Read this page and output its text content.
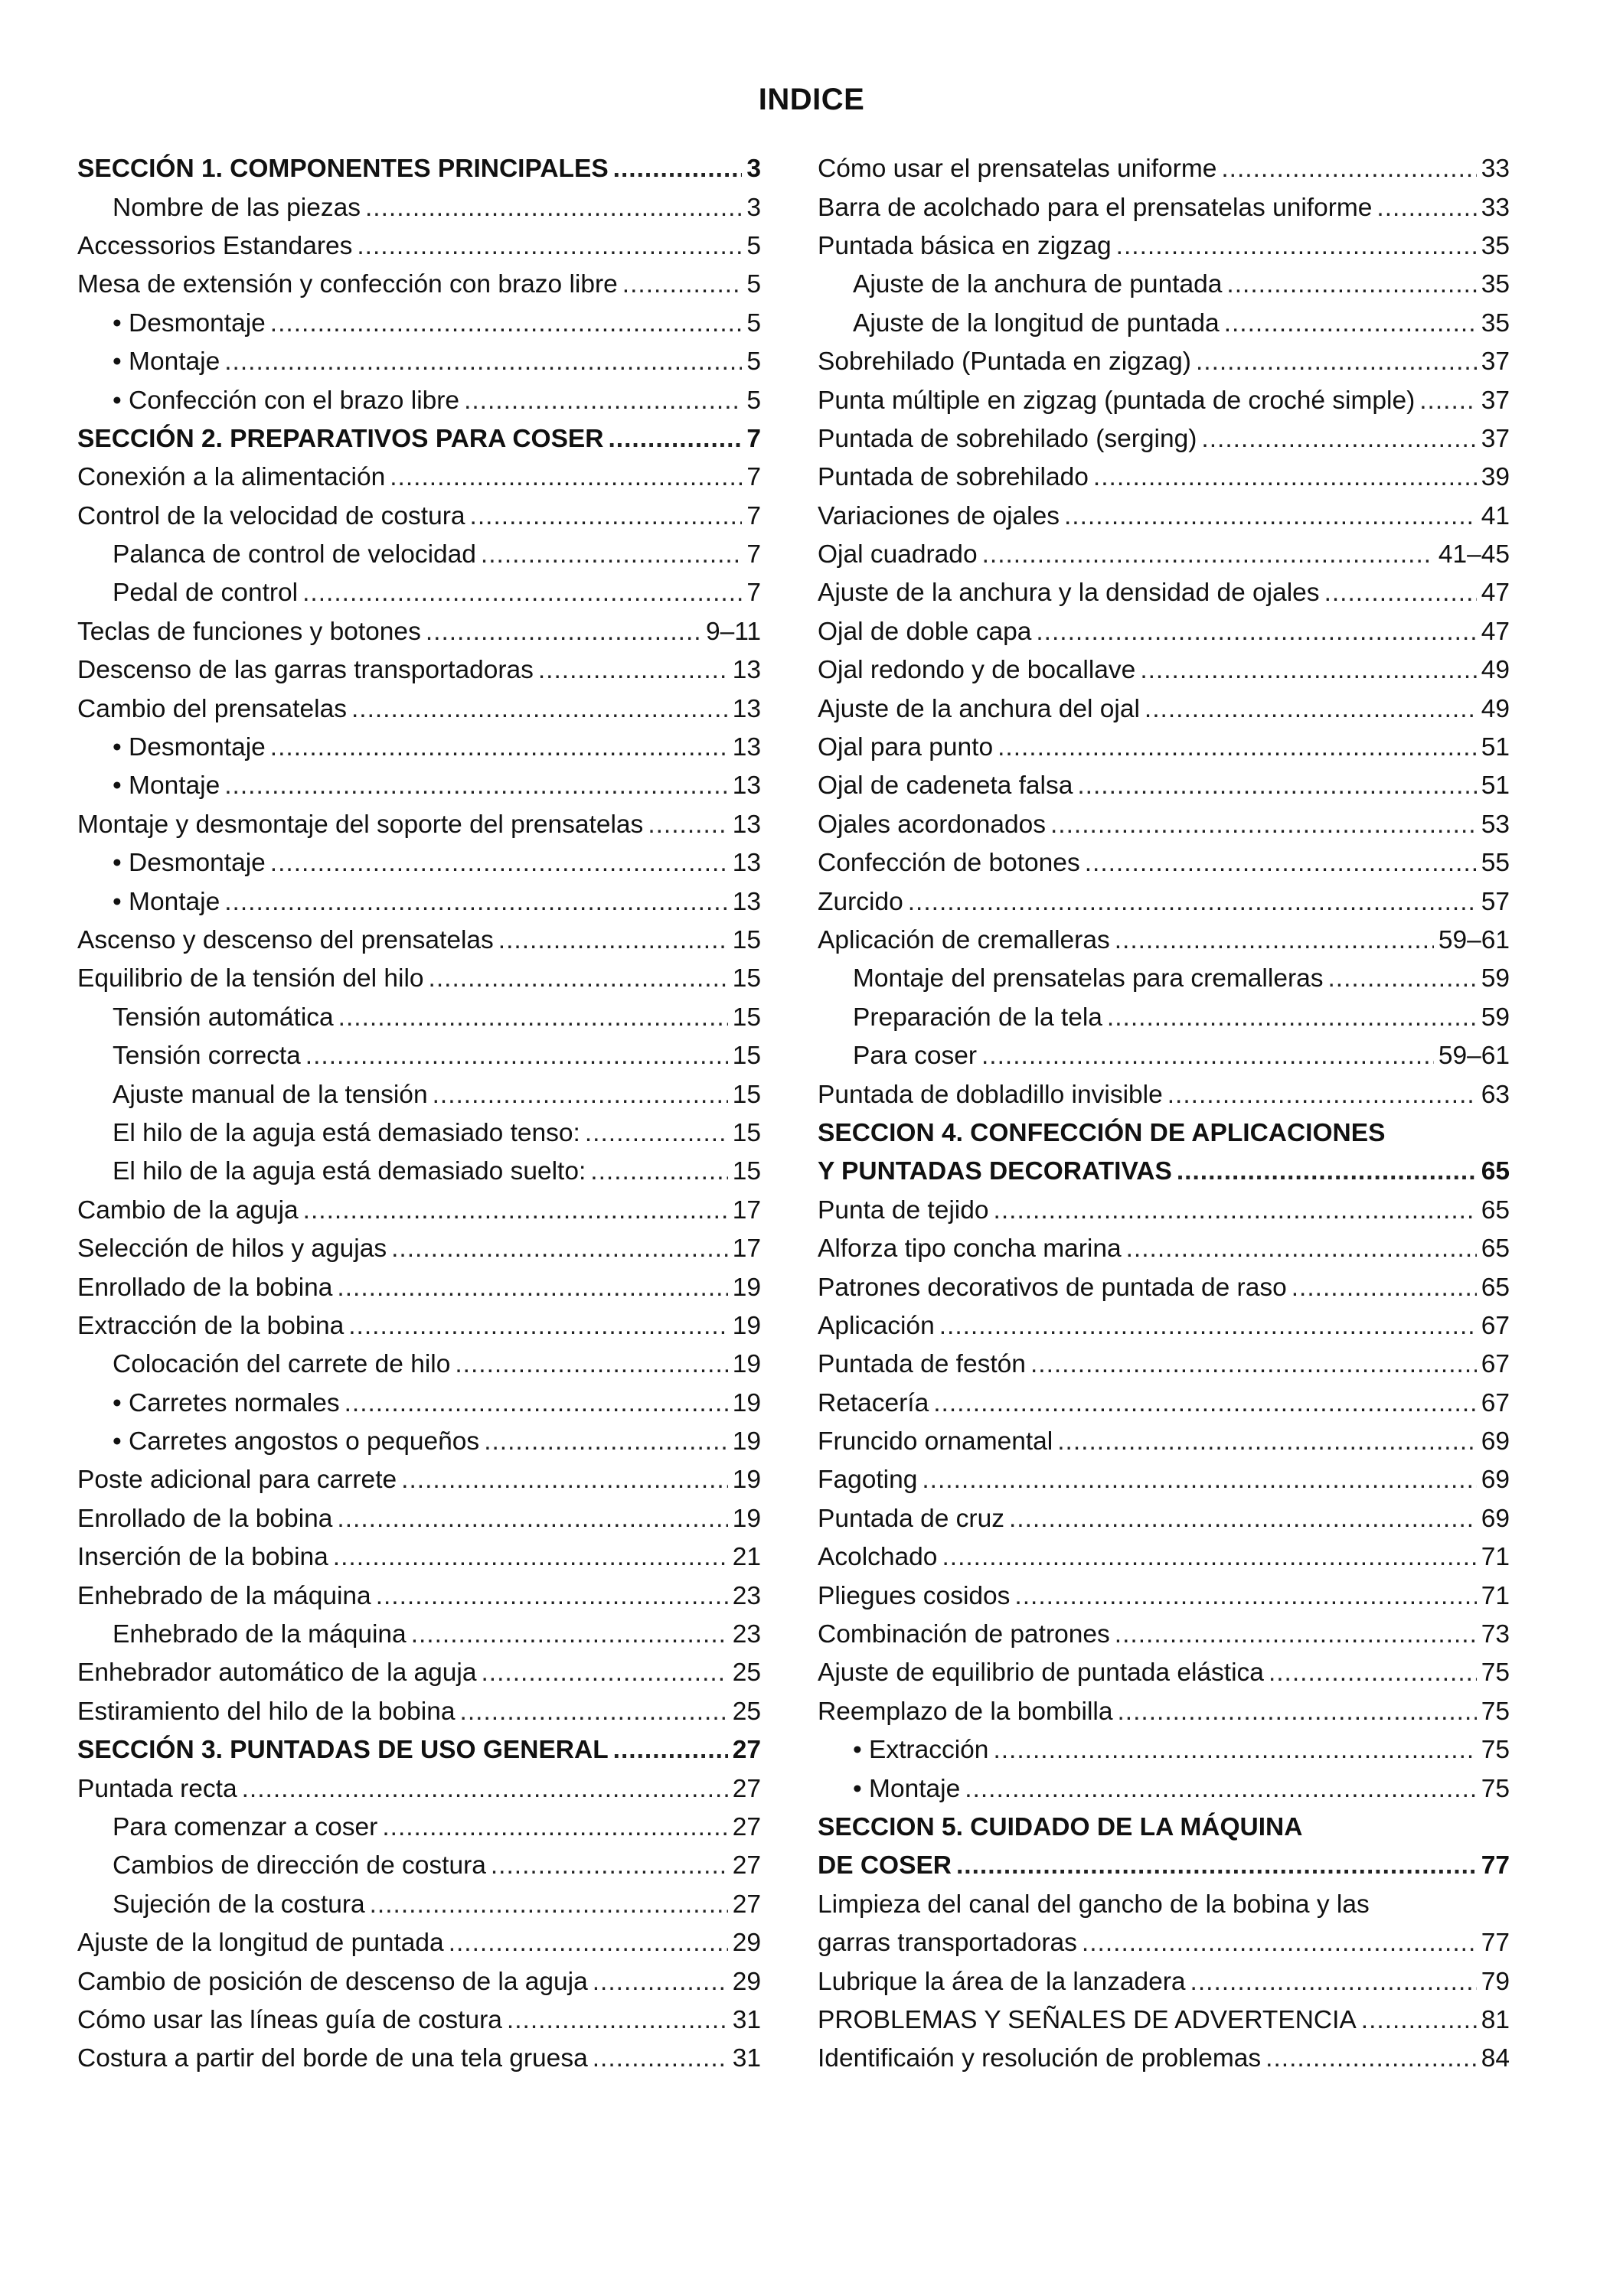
INDICE
SECCIÓN 1. COMPONENTES PRINCIPALES .....	3
Nombre de las piezas .....	3
Accessorios Estandares .....	5
Mesa de extensión y confección con brazo libre .....	5
• Desmontaje .....	5
• Montaje .....	5
• Confección con el brazo libre .....	5
SECCIÓN 2. PREPARATIVOS PARA COSER .....	7
Conexión a la alimentación .....	7
Control de la velocidad de costura .....	7
Palanca de control de velocidad .....	7
Pedal de control .....	7
Teclas de funciones y botones .....	9–11
Descenso de las garras transportadoras .....	13
Cambio del prensatelas .....	13
• Desmontaje .....	13
• Montaje .....	13
Montaje y desmontaje del soporte del prensatelas .....	13
• Desmontaje .....	13
• Montaje .....	13
Ascenso y descenso del prensatelas .....	15
Equilibrio de la tensión del hilo .....	15
Tensión automática .....	15
Tensión correcta .....	15
Ajuste manual de la tensión .....	15
El hilo de la aguja está demasiado tenso: .....	15
El hilo de la aguja está demasiado suelto: .....	15
Cambio de la aguja .....	17
Selección de hilos y agujas .....	17
Enrollado de la bobina .....	19
Extracción de la bobina .....	19
Colocación del carrete de hilo .....	19
• Carretes normales .....	19
• Carretes angostos o pequeños .....	19
Poste adicional para carrete .....	19
Enrollado de la bobina .....	19
Inserción de la bobina .....	21
Enhebrado de la máquina .....	23
Enhebrado de la máquina .....	23
Enhebrador automático de la aguja .....	25
Estiramiento del hilo de la bobina .....	25
SECCIÓN 3. PUNTADAS DE USO GENERAL .....	27
Puntada recta .....	27
Para comenzar a coser .....	27
Cambios de dirección de costura .....	27
Sujeción de la costura .....	27
Ajuste de la longitud de puntada .....	29
Cambio de posición de descenso de la aguja .....	29
Cómo usar las líneas guía de costura .....	31
Costura a partir del borde de una tela gruesa .....	31
Cómo usar el prensatelas uniforme .....	33
Barra de acolchado para el prensatelas uniforme .....	33
Puntada básica en zigzag .....	35
Ajuste de la anchura de puntada .....	35
Ajuste de la longitud de puntada .....	35
Sobrehilado (Puntada en zigzag) .....	37
Punta múltiple en zigzag (puntada de croché simple) .....	37
Puntada de sobrehilado (serging) .....	37
Puntada de sobrehilado .....	39
Variaciones de ojales .....	41
Ojal cuadrado .....	41–45
Ajuste de la anchura y la densidad de ojales .....	47
Ojal de doble capa .....	47
Ojal redondo y de bocallave .....	49
Ajuste de la anchura del ojal .....	49
Ojal para punto .....	51
Ojal de cadeneta falsa .....	51
Ojales acordonados .....	53
Confección de botones .....	55
Zurcido .....	57
Aplicación de cremalleras .....	59–61
Montaje del prensatelas para cremalleras .....	59
Preparación de la tela .....	59
Para coser .....	59–61
Puntada de dobladillo invisible .....	63
SECCION 4. CONFECCIÓN DE APLICACIONES
Y PUNTADAS DECORATIVAS .....	65
Punta de tejido .....	65
Alforza tipo concha marina .....	65
Patrones decorativos de puntada de raso .....	65
Aplicación .....	67
Puntada de festón .....	67
Retacería .....	67
Fruncido ornamental .....	69
Fagoting .....	69
Puntada de cruz .....	69
Acolchado .....	71
Pliegues cosidos .....	71
Combinación de patrones .....	73
Ajuste de equilibrio de puntada elástica .....	75
Reemplazo de la bombilla .....	75
• Extracción .....	75
• Montaje .....	75
SECCION 5. CUIDADO DE LA MÁQUINA
DE COSER .....	77
Limpieza del canal del gancho de la bobina y las
garras transportadoras .....	77
Lubrique la área de la lanzadera .....	79
PROBLEMAS Y SEÑALES DE ADVERTENCIA .....	81
Identificaión y resolución de problemas .....	84
